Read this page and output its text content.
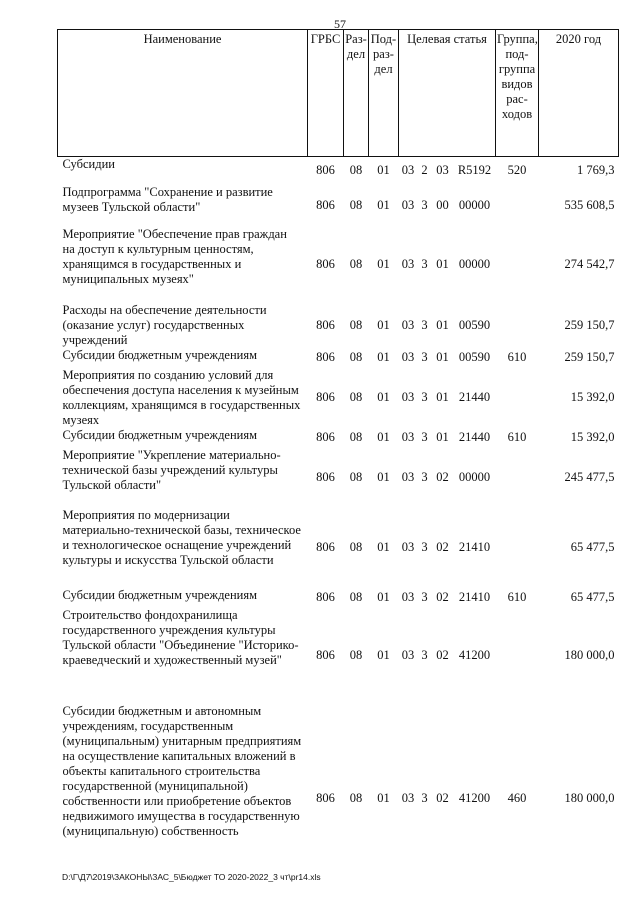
57
Наименование	ГРБС	Раз-дел	Под-раз-дел	Целевая статья				Группа, под-группа видов рас-ходов	2020 год
Субсидии	806	08	01	03	2	03	R5192	520	1 769,3
Подпрограмма "Сохранение и развитие музеев Тульской области"	806	08	01	03	3	00	00000		535 608,5
Мероприятие "Обеспечение прав граждан на доступ к культурным ценностям, хранящимся в государственных и муниципальных музеях"	806	08	01	03	3	01	00000		274 542,7
Расходы на обеспечение деятельности (оказание услуг) государственных учреждений	806	08	01	03	3	01	00590		259 150,7
Субсидии бюджетным учреждениям	806	08	01	03	3	01	00590	610	259 150,7
Мероприятия по созданию условий для обеспечения доступа населения к музейным коллекциям, хранящимся в государственных музеях	806	08	01	03	3	01	21440		15 392,0
Субсидии бюджетным учреждениям	806	08	01	03	3	01	21440	610	15 392,0
Мероприятие "Укрепление материально-технической базы учреждений культуры Тульской области"	806	08	01	03	3	02	00000		245 477,5
Мероприятия по модернизации материально-технической базы, техническое и технологическое оснащение учреждений культуры и искусства Тульской области	806	08	01	03	3	02	21410		65 477,5
Субсидии бюджетным учреждениям	806	08	01	03	3	02	21410	610	65 477,5
Строительство фондохранилища государственного учреждения культуры Тульской области "Объединение "Историко-краеведческий и художественный музей"	806	08	01	03	3	02	41200		180 000,0
Субсидии бюджетным и автономным учреждениям, государственным (муниципальным) унитарным предприятиям на осуществление капитальных вложений в объекты капитального строительства государственной (муниципальной) собственности или приобретение объектов недвижимого имущества в государственную (муниципальную) собственность	806	08	01	03	3	02	41200	460	180 000,0
D:\Г\Д7\2019\ЗАКОНЫ\ЗАС_5\Бюджет ТО 2020-2022_3 чт\pr14.xls
